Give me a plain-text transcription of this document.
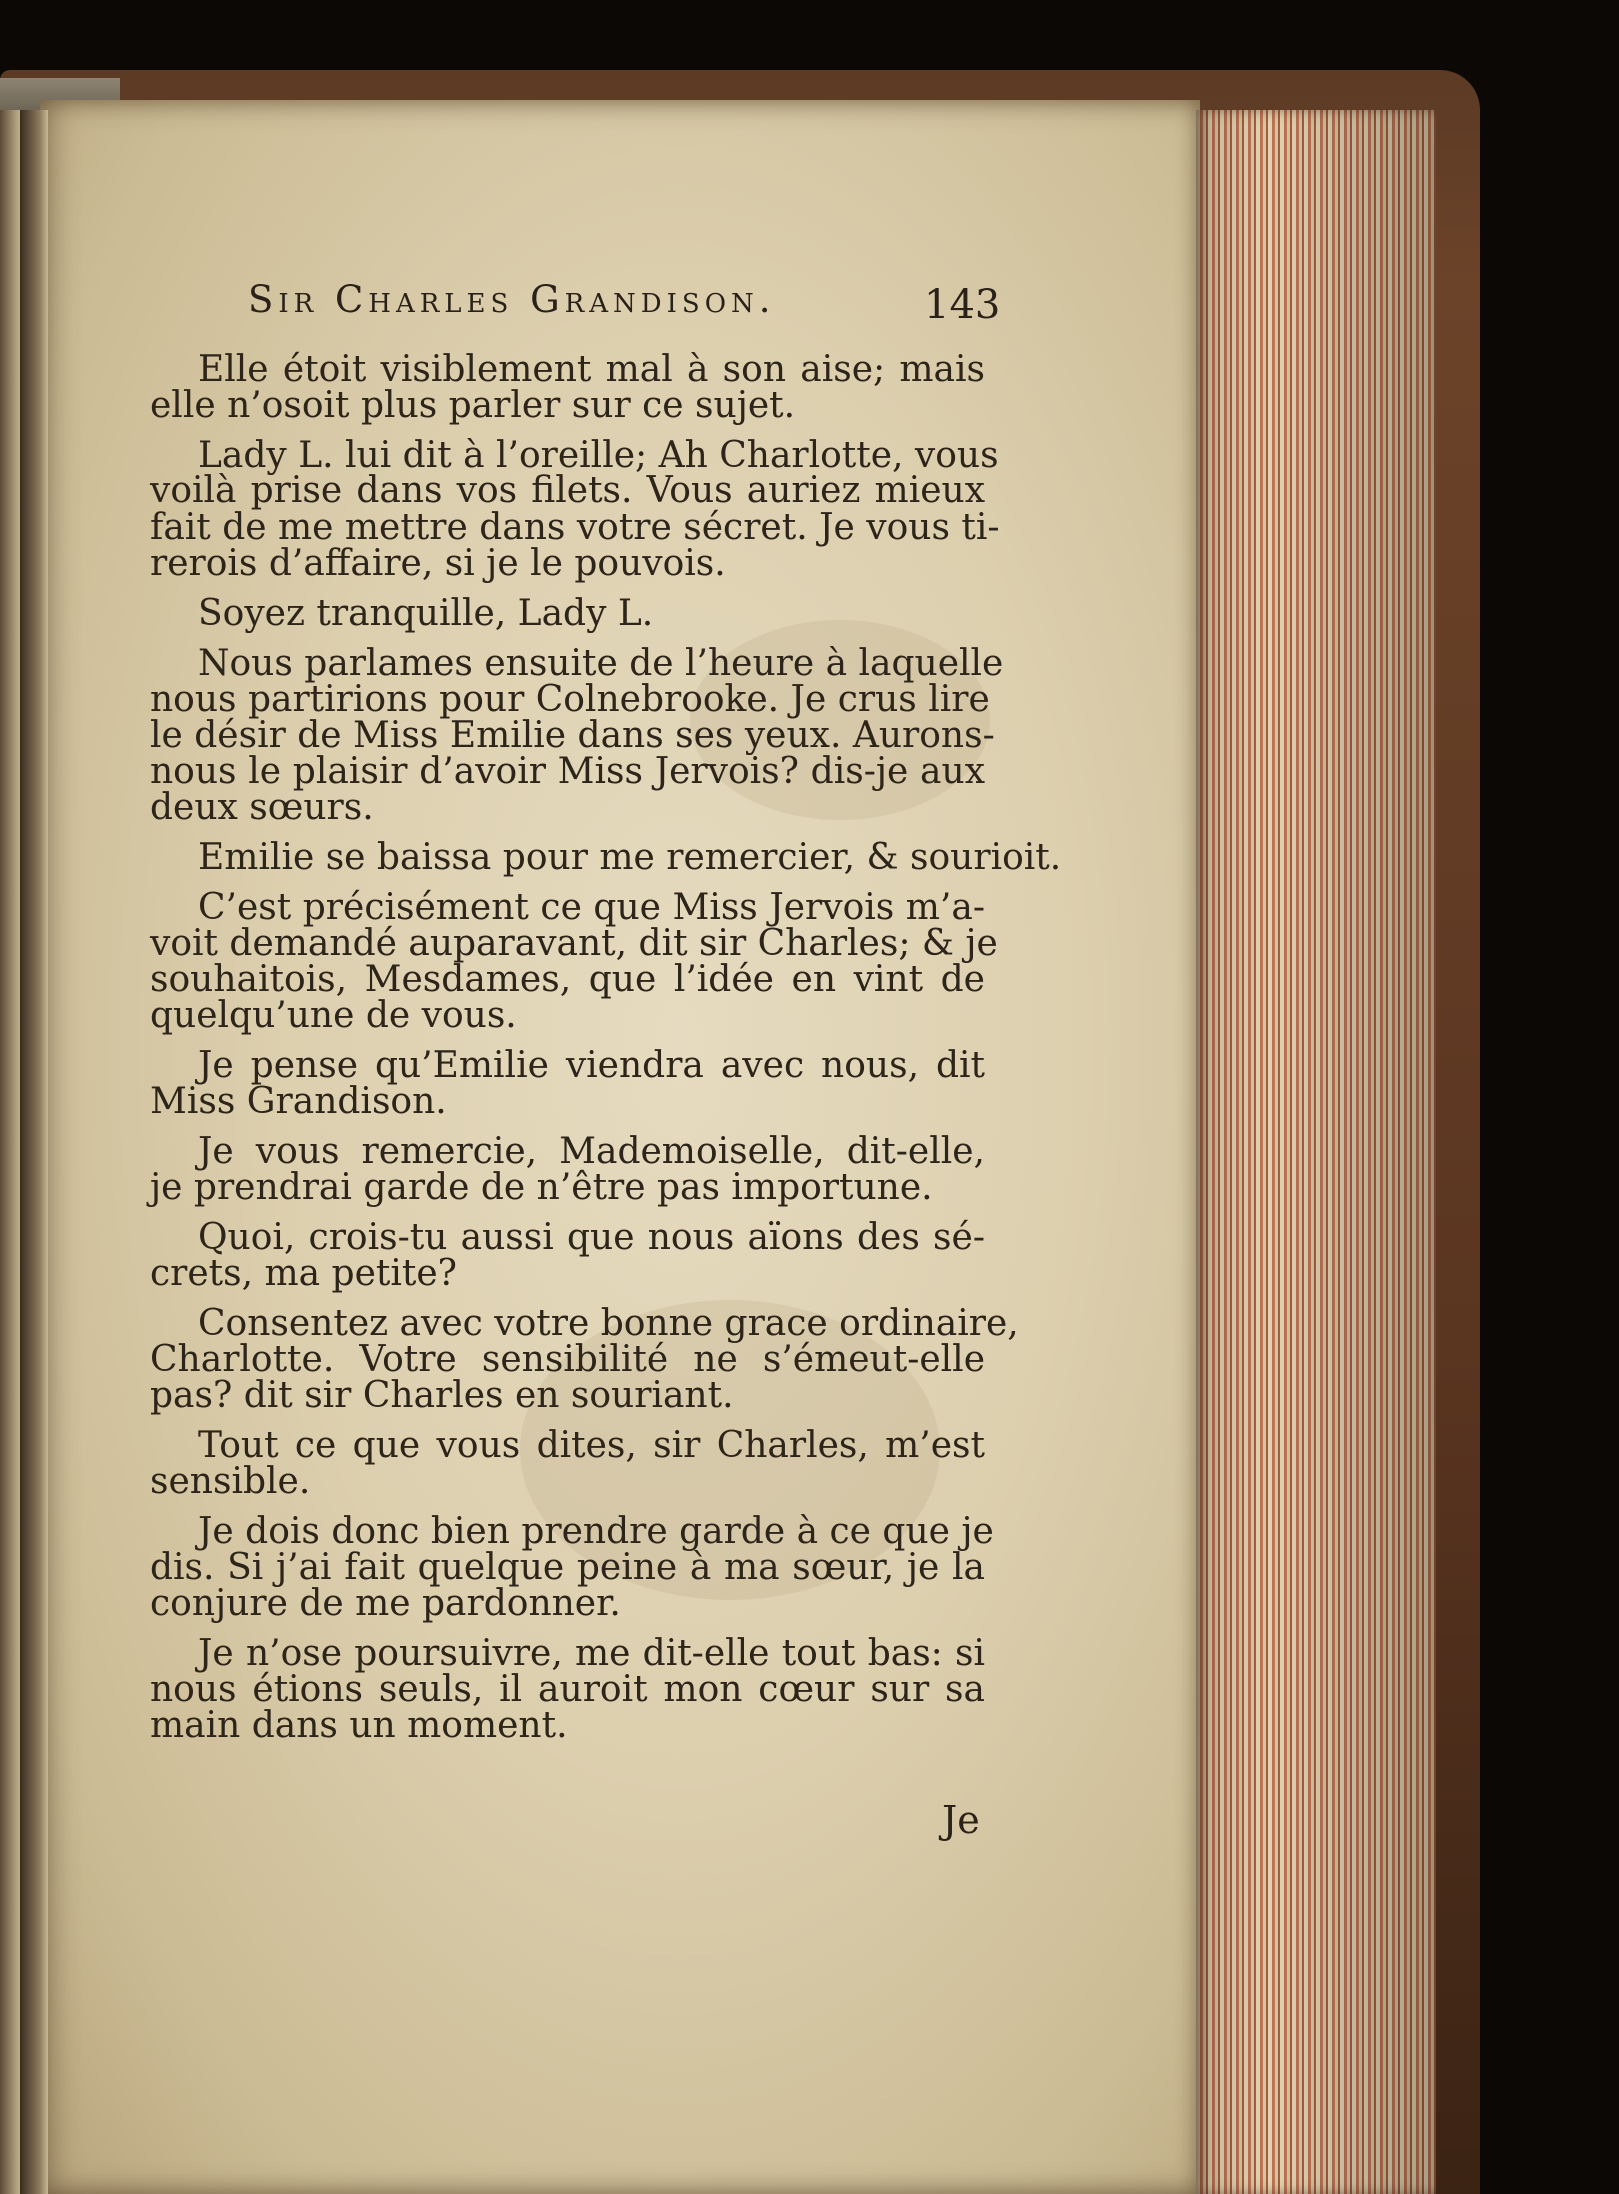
Sir Charles Grandison.	143
Elle étoit visiblement mal à son aise; mais
elle n’osoit plus parler sur ce sujet.
Lady L. lui dit à l’oreille; Ah Charlotte, vous
voilà prise dans vos filets. Vous auriez mieux
fait de me mettre dans votre sécret. Je vous ti-
rerois d’affaire, si je le pouvois.
Soyez tranquille, Lady L.
Nous parlames ensuite de l’heure à laquelle
nous partirions pour Colnebrooke. Je crus lire
le désir de Miss Emilie dans ses yeux. Aurons-
nous le plaisir d’avoir Miss Jervois? dis-je aux
deux sœurs.
Emilie se baissa pour me remercier, & sourioit.
C’est précisément ce que Miss Jervois m’a-
voit demandé auparavant, dit sir Charles; & je
souhaitois, Mesdames, que l’idée en vint de
quelqu’une de vous.
Je pense qu’Emilie viendra avec nous, dit
Miss Grandison.
Je vous remercie, Mademoiselle, dit-elle,
je prendrai garde de n’être pas importune.
Quoi, crois-tu aussi que nous aïons des sé-
crets, ma petite?
Consentez avec votre bonne grace ordinaire,
Charlotte. Votre sensibilité ne s’émeut-elle
pas? dit sir Charles en souriant.
Tout ce que vous dites, sir Charles, m’est
sensible.
Je dois donc bien prendre garde à ce que je
dis. Si j’ai fait quelque peine à ma sœur, je la
conjure de me pardonner.
Je n’ose poursuivre, me dit-elle tout bas: si
nous étions seuls, il auroit mon cœur sur sa
main dans un moment.
Je
